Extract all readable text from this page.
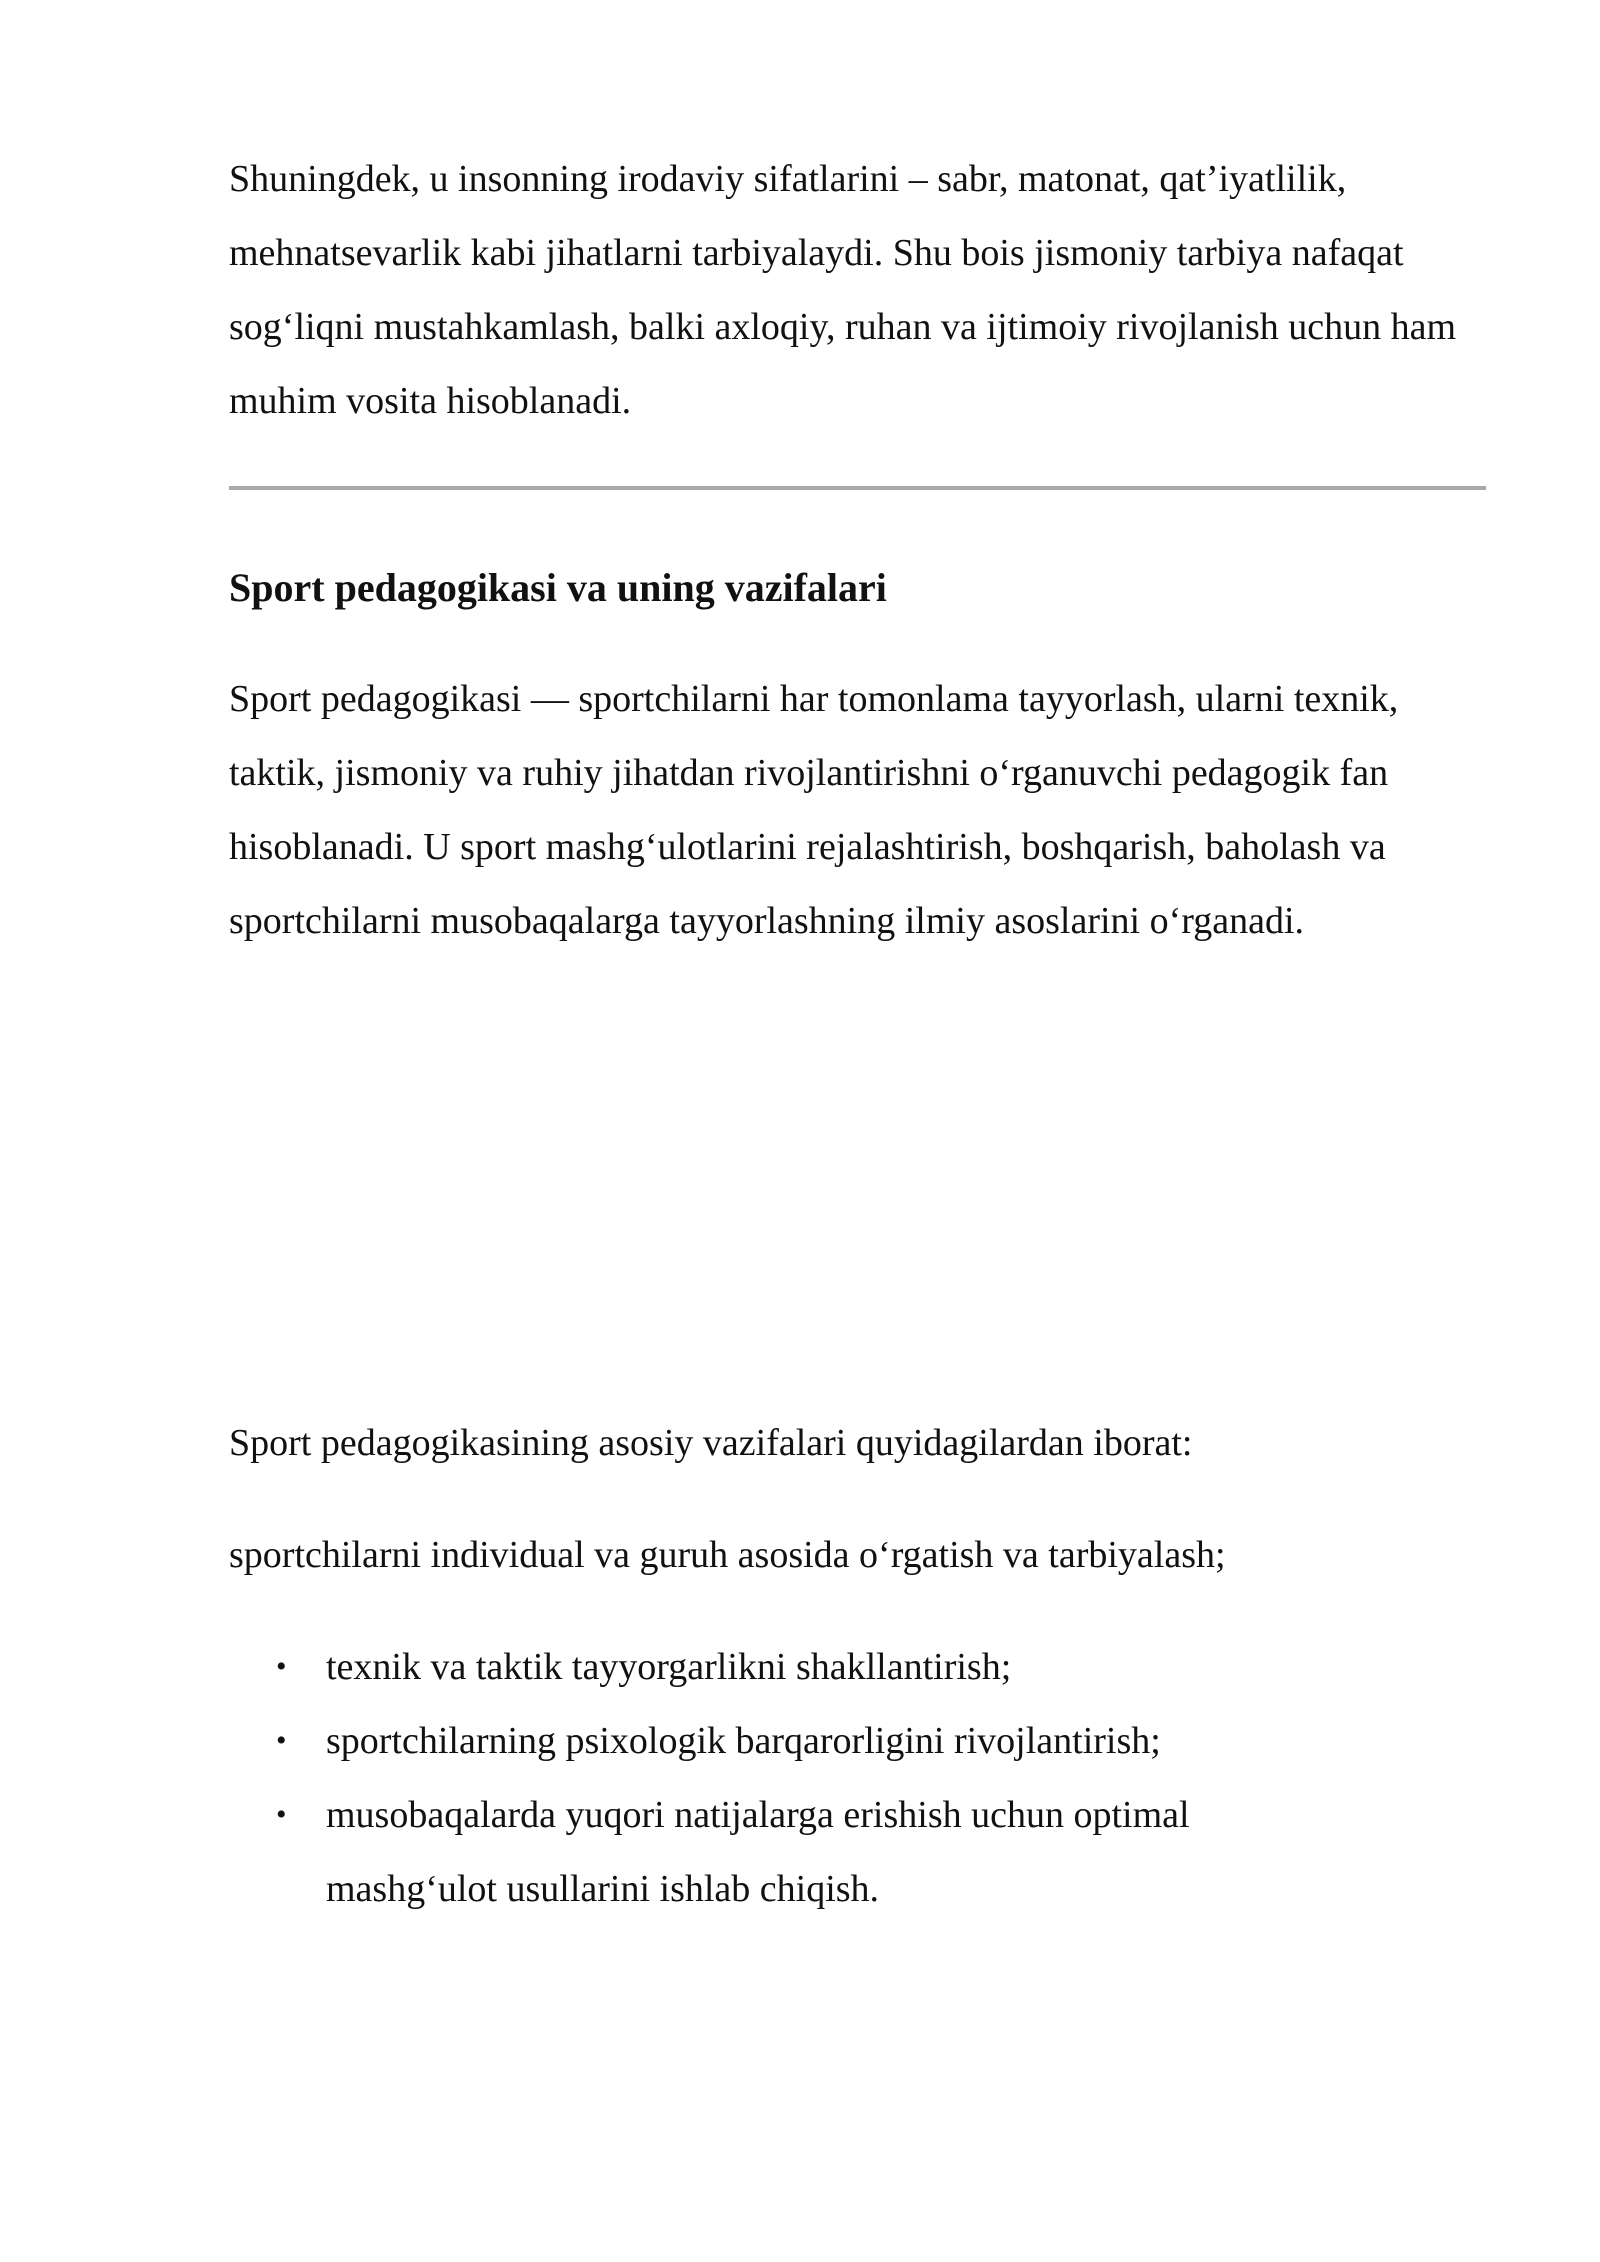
Shuningdek, u insonning irodaviy sifatlarini – sabr, matonat, qat’iyatlilik, mehnatsevarlik kabi jihatlarni tarbiyalaydi. Shu bois jismoniy tarbiya nafaqat sog‘liqni mustahkamlash, balki axloqiy, ruhan va ijtimoiy rivojlanish uchun ham muhim vosita hisoblanadi.

Sport pedagogikasi va uning vazifalari

Sport pedagogikasi — sportchilarni har tomonlama tayyorlash, ularni texnik, taktik, jismoniy va ruhiy jihatdan rivojlantirishni o‘rganuvchi pedagogik fan hisoblanadi. U sport mashg‘ulotlarini rejalashtirish, boshqarish, baholash va sportchilarni musobaqalarga tayyorlashning ilmiy asoslarini o‘rganadi.

Sport pedagogikasining asosiy vazifalari quyidagilardan iborat:

sportchilarni individual va guruh asosida o‘rgatish va tarbiyalash;

• texnik va taktik tayyorgarlikni shakllantirish;
• sportchilarning psixologik barqarorligini rivojlantirish;
• musobaqalarda yuqori natijalarga erishish uchun optimal mashg‘ulot usullarini ishlab chiqish.
